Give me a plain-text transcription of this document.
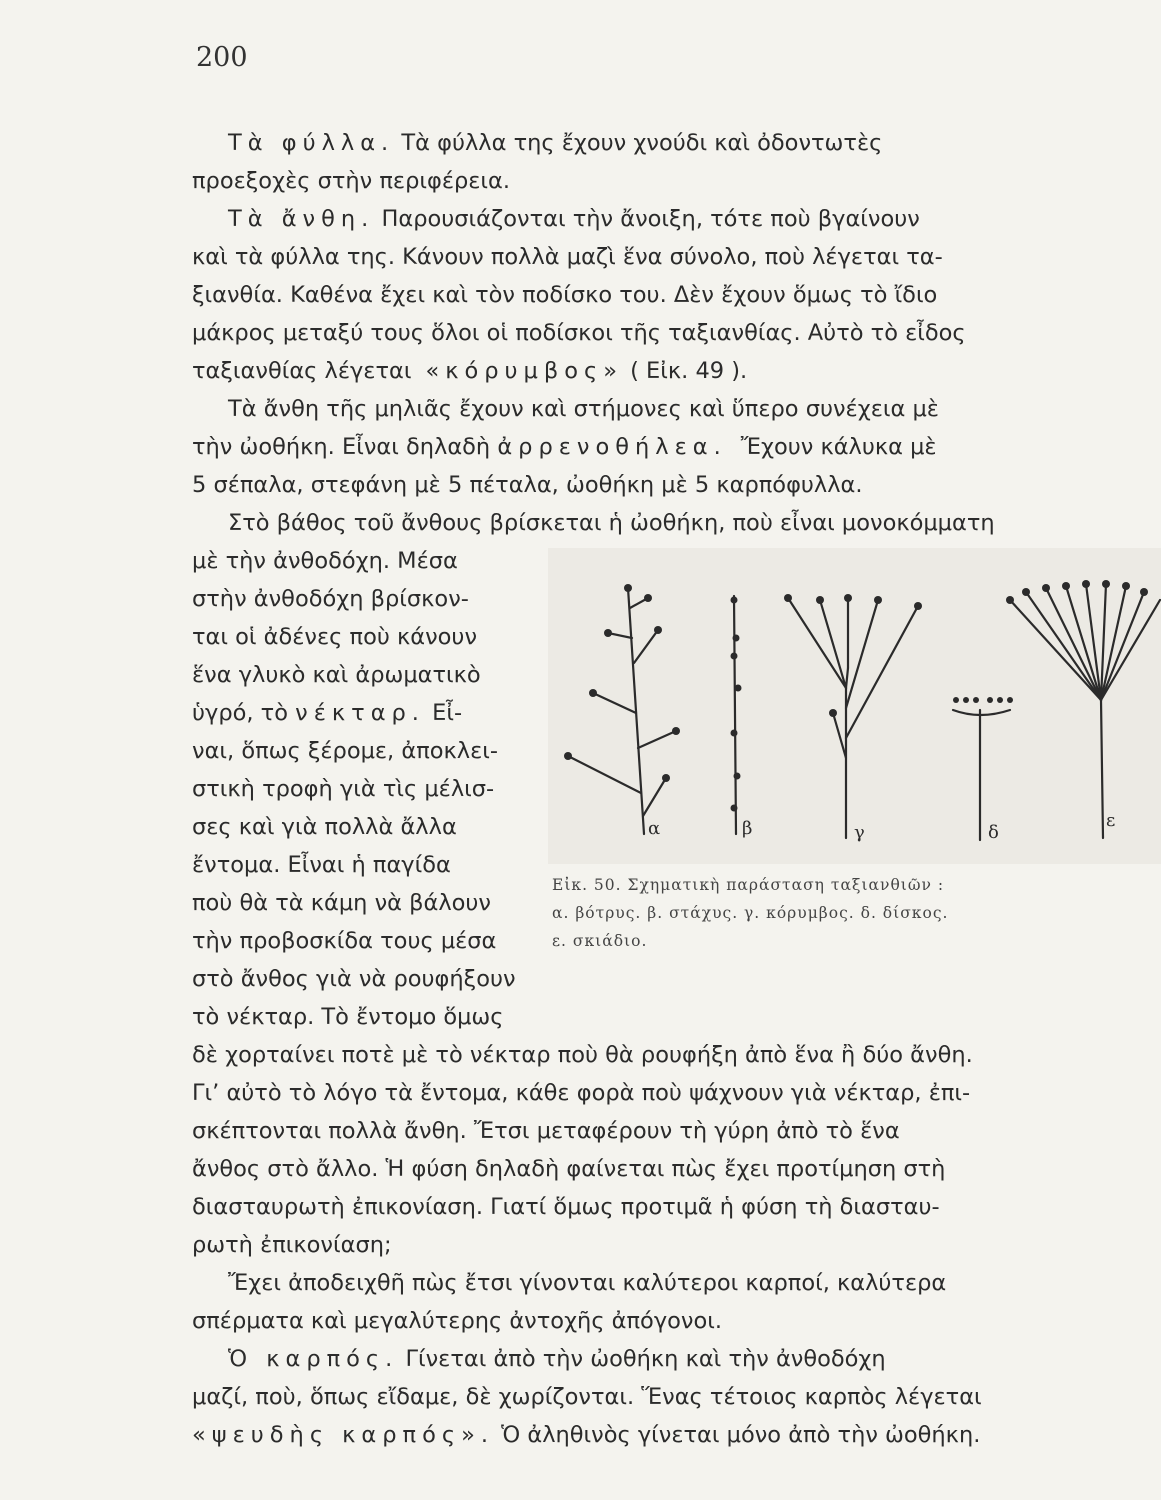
200
Τὰ φύλλα. Τὰ φύλλα της ἔχουν χνούδι καὶ ὀδοντωτὲς
προεξοχὲς στὴν περιφέρεια.
Τὰ ἄνθη. Παρουσιάζονται τὴν ἄνοιξη, τότε ποὺ βγαίνουν
καὶ τὰ φύλλα της. Κάνουν πολλὰ μαζὶ ἕνα σύνολο, ποὺ λέγεται τα-
ξιανθία. Καθένα ἔχει καὶ τὸν ποδίσκο του. Δὲν ἔχουν ὅμως τὸ ἴδιο
μάκρος μεταξύ τους ὅλοι οἱ ποδίσκοι τῆς ταξιανθίας. Αὐτὸ τὸ εἶδος
ταξιανθίας λέγεται «κόρυμβος» ( Εἰκ. 49 ).
Τὰ ἄνθη τῆς μηλιᾶς ἔχουν καὶ στήμονες καὶ ὕπερο συνέχεια μὲ
τὴν ὠοθήκη. Εἶναι δηλαδὴ ἀρρενοθήλεα. Ἔχουν κάλυκα μὲ
5 σέπαλα, στεφάνη μὲ 5 πέταλα, ὠοθήκη μὲ 5 καρπόφυλλα.
Στὸ βάθος τοῦ ἄνθους βρίσκεται ἡ ὠοθήκη, ποὺ εἶναι μονοκόμματη
μὲ τὴν ἀνθοδόχη. Μέσα
στὴν ἀνθοδόχη βρίσκον-
ται οἱ ἀδένες ποὺ κάνουν
ἕνα γλυκὸ καὶ ἀρωματικὸ
ὑγρό, τὸ νέκταρ. Εἶ-
ναι, ὅπως ξέρομε, ἀποκλει-
στικὴ τροφὴ γιὰ τὶς μέλισ-
σες καὶ γιὰ πολλὰ ἄλλα
ἔντομα. Εἶναι ἡ παγίδα
ποὺ θὰ τὰ κάμη νὰ βάλουν
τὴν προβοσκίδα τους μέσα
στὸ ἄνθος γιὰ νὰ ρουφήξουν
τὸ νέκταρ. Τὸ ἔντομο ὅμως
δὲ χορταίνει ποτὲ μὲ τὸ νέκταρ ποὺ θὰ ρουφήξη ἀπὸ ἕνα ἢ δύο ἄνθη.
Γι’ αὐτὸ τὸ λόγο τὰ ἔντομα, κάθε φορὰ ποὺ ψάχνουν γιὰ νέκταρ, ἐπι-
σκέπτονται πολλὰ ἄνθη. Ἔτσι μεταφέρουν τὴ γύρη ἀπὸ τὸ ἕνα
ἄνθος στὸ ἄλλο. Ἡ φύση δηλαδὴ φαίνεται πὼς ἔχει προτίμηση στὴ
διασταυρωτὴ ἐπικονίαση. Γιατί ὅμως προτιμᾶ ἡ φύση τὴ διασταυ-
ρωτὴ ἐπικονίαση;
Ἔχει ἀποδειχθῆ πὼς ἔτσι γίνονται καλύτεροι καρποί, καλύτερα
σπέρματα καὶ μεγαλύτερης ἀντοχῆς ἀπόγονοι.
Ὁ καρπός. Γίνεται ἀπὸ τὴν ὠοθήκη καὶ τὴν ἀνθοδόχη
μαζί, ποὺ, ὅπως εἴδαμε, δὲ χωρίζονται. Ἕνας τέτοιος καρπὸς λέγεται
«ψευδὴς καρπός». Ὁ ἀληθινὸς γίνεται μόνο ἀπὸ τὴν ὠοθήκη.
α	β	γ	δ
ε
Εἰκ. 50. Σχηματικὴ παράσταση ταξιανθιῶν :
α. βότρυς. β. στάχυς. γ. κόρυμβος. δ. δίσκος.
ε. σκιάδιο.
